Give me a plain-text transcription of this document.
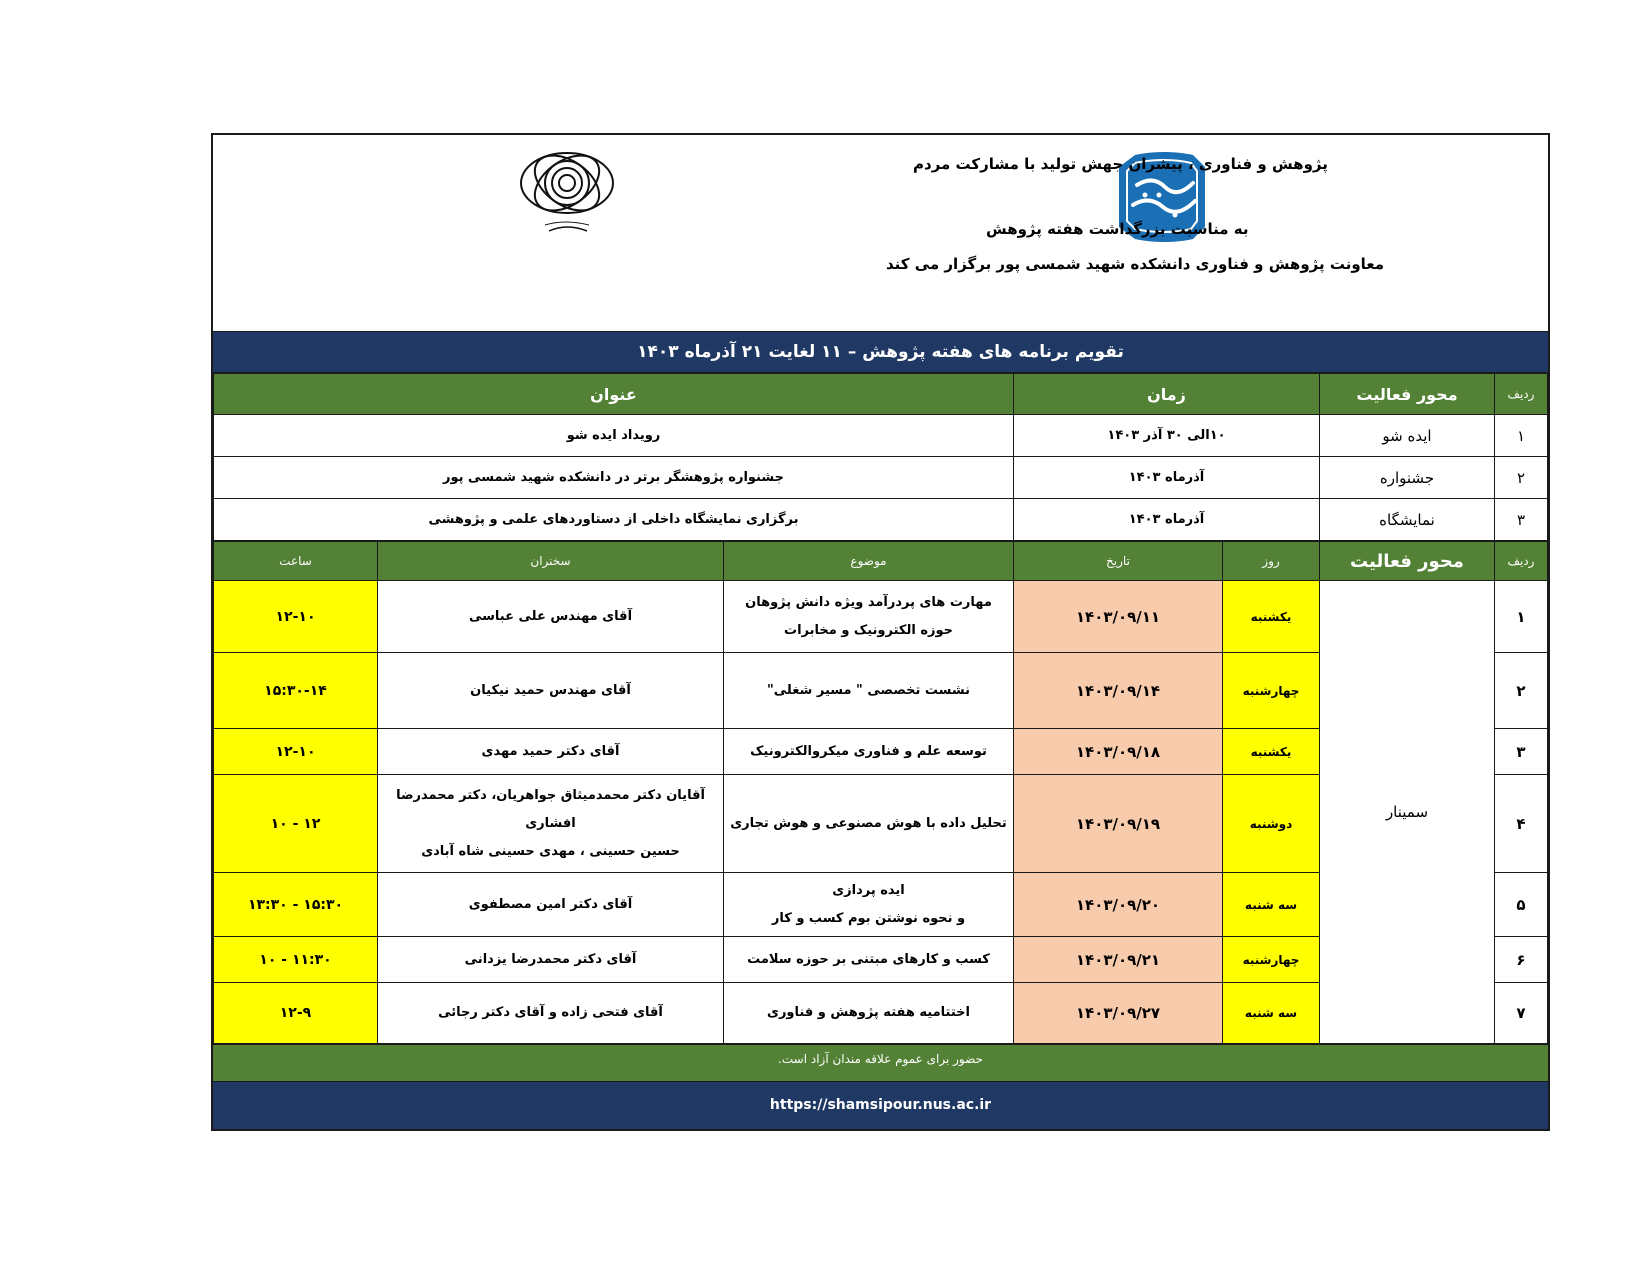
پژوهش و فناوری ، پیشران جهش تولید با مشارکت مردم
به مناسبت بزرگداشت هفته پژوهش
معاونت پژوهش و فناوری دانشکده شهید شمسی پور برگزار می کند
تقویم برنامه های هفته پژوهش – ۱۱ لغایت ۲۱ آذرماه ۱۴۰۳
ردیف	محور فعالیت	زمان	عنوان
۱	ایده شو	۱۰الی ۳۰ آذر ۱۴۰۳	رویداد ایده شو
۲	جشنواره	آذرماه ۱۴۰۳	جشنواره پژوهشگر برتر در دانشکده شهید شمسی پور
۳	نمایشگاه	آذرماه ۱۴۰۳	برگزاری نمایشگاه داخلی از دستاوردهای علمی و پژوهشی
ردیف	محور فعالیت	روز	تاریخ	موضوع	سخنران	ساعت
۱	سمینار	یکشنبه	۱۴۰۳/۰۹/۱۱	مهارت های پردرآمد ویژه دانش پژوهان
حوزه الکترونیک و مخابرات	آقای مهندس علی عباسی	۱۲-۱۰
۲		چهارشنبه	۱۴۰۳/۰۹/۱۴	نشست تخصصی " مسیر شغلی"	آقای مهندس حمید نیکیان	۱۵:۳۰-۱۴
۳		یکشنبه	۱۴۰۳/۰۹/۱۸	توسعه علم و فناوری میکروالکترونیک	آقای دکتر حمید مهدی	۱۲-۱۰
۴		دوشنبه	۱۴۰۳/۰۹/۱۹	تحلیل داده با هوش مصنوعی و هوش تجاری	آقایان دکتر محمدمیثاق جواهریان، دکتر محمدرضا افشاری
حسین حسینی ، مهدی حسینی شاه آبادی	۱۲ - ۱۰
۵		سه شنبه	۱۴۰۳/۰۹/۲۰	ایده پردازی
و نحوه نوشتن بوم کسب و کار	آقای دکتر امین مصطفوی	۱۵:۳۰ - ۱۳:۳۰
۶		چهارشنبه	۱۴۰۳/۰۹/۲۱	کسب و کارهای مبتنی بر حوزه سلامت	آقای دکتر محمدرضا یزدانی	۱۱:۳۰ - ۱۰
۷		سه شنبه	۱۴۰۳/۰۹/۲۷	اختتامیه هفته پژوهش و فناوری	آقای فتحی زاده و آقای دکتر رجائی	۱۲-۹
حضور برای عموم علاقه مندان آزاد است.
https://shamsipour.nus.ac.ir
